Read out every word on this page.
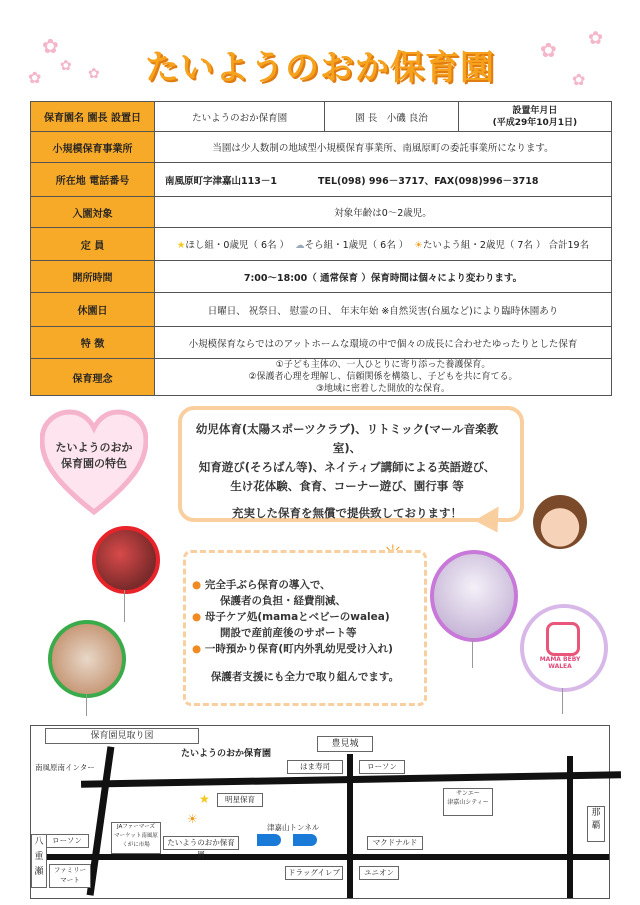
✿
✿
✿	✿
✿ ✿
✿
たいようのおか保育園
保育園名 園長 設置日	たいようのおか保育園	園 長　小磯 良治	設置年月日
(平成29年10月1日)
小規模保育事業所	当園は少人数制の地域型小規模保育事業所、南風原町の委託事業所になります。		
所在地 電話番号	南風原町字津嘉山113－1 TEL(098) 996－3717、FAX(098)996－3718		
入園対象	対象年齢は0～2歳児。		
定 員	★ほし組・0歳児（ 6名 ） ☁そら組・1歳児（ 6名 ） ☀たいよう組・2歳児（ 7名 ） 合計19名		
開所時間	7:00～18:00（ 通常保育 ）保育時間は個々により変わります。		
休園日	日曜日、 祝祭日、 慰霊の日、 年末年始 ※自然災害(台風など)により臨時休園あり		
特 徴	小規模保育ならではのアットホームな環境の中で個々の成長に合わせたゆったりとした保育		
保育理念	①子ども主体の、一人ひとりに寄り添った養護保育。
②保護者心理を理解し、信頼関係を構築し、子どもを共に育てる。
③地域に密着した開放的な保育。		
たいようのおか
保育園の特色
幼児体育(太陽スポーツクラブ)、リトミック(マール音楽教室)、
知育遊び(そろばん等)、ネイティブ講師による英語遊び、
生け花体験、食育、コーナー遊び、園行事 等
充実した保育を無償で提供致しております！
MAMA BEBY WALEA
● 完全手ぶら保育の導入で、
保護者の負担・経費削減、
● 母子ケア処(mamaとベビーのwalea)
開設で産前産後のサポート等
● 一時預かり保育(町内外乳幼児受け入れ)
保護者支援にも全力で取り組んでます。
保育園見取り図
たいようのおか保育園
豊見城
南風原南インター	はま寿司	ローソン
サンエー
津嘉山シティー
那
覇
★	明星保育
JAファーマーズ
マーケット南風原
くがに市場
☀
津嘉山トンネル
ローソン	たいようのおか保育園
マクドナルド
八
重
瀬	ファミリー
マート
ドラッグイレブ	ユニオン
